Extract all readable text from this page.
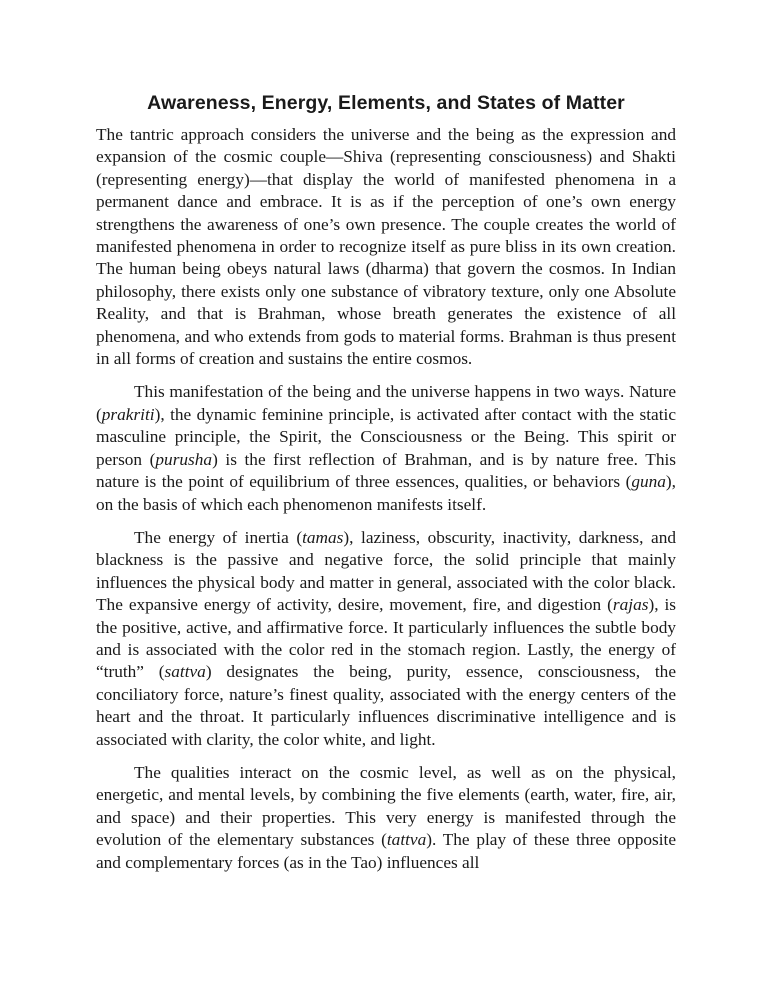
Awareness, Energy, Elements, and States of Matter

The tantric approach considers the universe and the being as the expression and expansion of the cosmic couple—Shiva (representing consciousness) and Shakti (representing energy)—that display the world of manifested phenomena in a permanent dance and embrace. It is as if the perception of one’s own energy strengthens the awareness of one’s own presence. The couple creates the world of manifested phenomena in order to recognize itself as pure bliss in its own creation. The human being obeys natural laws (dharma) that govern the cosmos. In Indian philosophy, there exists only one substance of vibratory texture, only one Absolute Reality, and that is Brahman, whose breath generates the existence of all phenomena, and who extends from gods to material forms. Brahman is thus present in all forms of creation and sustains the entire cosmos.

This manifestation of the being and the universe happens in two ways. Nature (prakriti), the dynamic feminine principle, is activated after contact with the static masculine principle, the Spirit, the Consciousness or the Being. This spirit or person (purusha) is the first reflection of Brahman, and is by nature free. This nature is the point of equilibrium of three essences, qualities, or behaviors (guna), on the basis of which each phenomenon manifests itself.

The energy of inertia (tamas), laziness, obscurity, inactivity, darkness, and blackness is the passive and negative force, the solid principle that mainly influences the physical body and matter in general, associated with the color black. The expansive energy of activity, desire, movement, fire, and digestion (rajas), is the positive, active, and affirmative force. It particularly influences the subtle body and is associated with the color red in the stomach region. Lastly, the energy of “truth” (sattva) designates the being, purity, essence, consciousness, the conciliatory force, nature’s finest quality, associated with the energy centers of the heart and the throat. It particularly influences discriminative intelligence and is associated with clarity, the color white, and light.

The qualities interact on the cosmic level, as well as on the physical, energetic, and mental levels, by combining the five elements (earth, water, fire, air, and space) and their properties. This very energy is manifested through the evolution of the elementary substances (tattva). The play of these three opposite and complementary forces (as in the Tao) influences all
